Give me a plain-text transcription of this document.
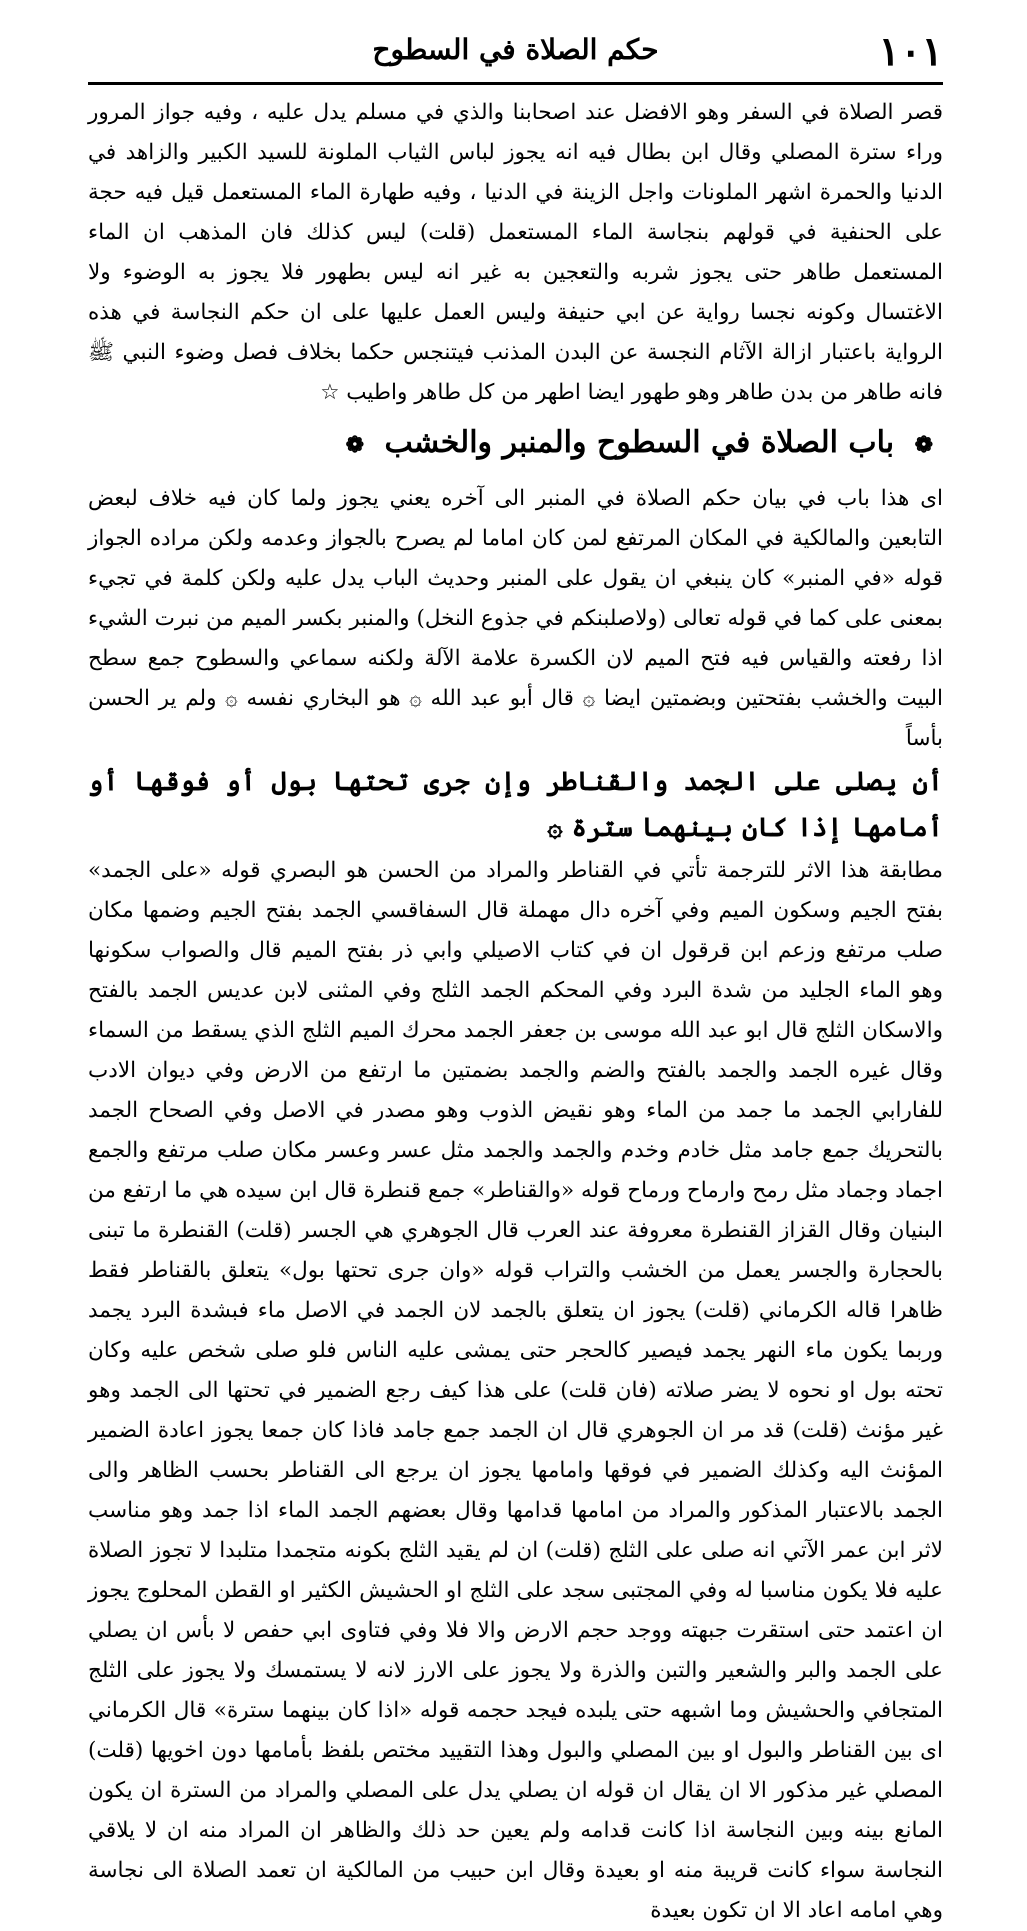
١٠١
حكم الصلاة في السطوح

قصر الصلاة في السفر وهو الافضل عند اصحابنا والذي في مسلم يدل عليه ، وفيه جواز المرور وراء سترة المصلي وقال ابن بطال فيه انه يجوز لباس الثياب الملونة للسيد الكبير والزاهد في الدنيا والحمرة اشهر الملونات واجل الزينة في الدنيا ، وفيه طهارة الماء المستعمل قيل فيه حجة على الحنفية في قولهم بنجاسة الماء المستعمل (قلت) ليس كذلك فان المذهب ان الماء المستعمل طاهر حتى يجوز شربه والتعجين به غير انه ليس بطهور فلا يجوز به الوضوء ولا الاغتسال وكونه نجسا رواية عن ابي حنيفة وليس العمل عليها على ان حكم النجاسة في هذه الرواية باعتبار ازالة الآثام النجسة عن البدن المذنب فيتنجس حكما بخلاف فصل وضوء النبي ﷺ فانه طاهر من بدن طاهر وهو طهور ايضا اطهر من كل طاهر واطيب ☆

❁ باب الصلاة في السطوح والمنبر والخشب ❁

اى هذا باب في بيان حكم الصلاة في المنبر الى آخره يعني يجوز ولما كان فيه خلاف لبعض التابعين والمالكية في المكان المرتفع لمن كان اماما لم يصرح بالجواز وعدمه ولكن مراده الجواز قوله «في المنبر» كان ينبغي ان يقول على المنبر وحديث الباب يدل عليه ولكن كلمة في تجيء بمعنى على كما في قوله تعالى (ولاصلبنكم في جذوع النخل) والمنبر بكسر الميم من نبرت الشيء اذا رفعته والقياس فيه فتح الميم لان الكسرة علامة الآلة ولكنه سماعي والسطوح جمع سطح البيت والخشب بفتحتين وبضمتين ايضا ۞ قال أبو عبد الله ۞ هو البخاري نفسه ۞ ولم ير الحسن بأساً

أن يصلى على الجمد والقناطر وإن جرى تحتها بول أو فوقها أو أمامها إذا كان بينهما سترة ۞

مطابقة هذا الاثر للترجمة تأتي في القناطر والمراد من الحسن هو البصري قوله «على الجمد» بفتح الجيم وسكون الميم وفي آخره دال مهملة قال السفاقسي الجمد بفتح الجيم وضمها مكان صلب مرتفع وزعم ابن قرقول ان في كتاب الاصيلي وابي ذر بفتح الميم قال والصواب سكونها وهو الماء الجليد من شدة البرد وفي المحكم الجمد الثلج وفي المثنى لابن عديس الجمد بالفتح والاسكان الثلج قال ابو عبد الله موسى بن جعفر الجمد محرك الميم الثلج الذي يسقط من السماء وقال غيره الجمد والجمد بالفتح والضم والجمد بضمتين ما ارتفع من الارض وفي ديوان الادب للفارابي الجمد ما جمد من الماء وهو نقيض الذوب وهو مصدر في الاصل وفي الصحاح الجمد بالتحريك جمع جامد مثل خادم وخدم والجمد والجمد مثل عسر وعسر مكان صلب مرتفع والجمع اجماد وجماد مثل رمح وارماح ورماح قوله «والقناطر» جمع قنطرة قال ابن سيده هي ما ارتفع من البنيان وقال القزاز القنطرة معروفة عند العرب قال الجوهري هي الجسر (قلت) القنطرة ما تبنى بالحجارة والجسر يعمل من الخشب والتراب قوله «وان جرى تحتها بول» يتعلق بالقناطر فقط ظاهرا قاله الكرماني (قلت) يجوز ان يتعلق بالجمد لان الجمد في الاصل ماء فبشدة البرد يجمد وربما يكون ماء النهر يجمد فيصير كالحجر حتى يمشى عليه الناس فلو صلى شخص عليه وكان تحته بول او نحوه لا يضر صلاته (فان قلت) على هذا كيف رجع الضمير في تحتها الى الجمد وهو غير مؤنث (قلت) قد مر ان الجوهري قال ان الجمد جمع جامد فاذا كان جمعا يجوز اعادة الضمير المؤنث اليه وكذلك الضمير في فوقها وامامها يجوز ان يرجع الى القناطر بحسب الظاهر والى الجمد بالاعتبار المذكور والمراد من امامها قدامها وقال بعضهم الجمد الماء اذا جمد وهو مناسب لاثر ابن عمر الآتي انه صلى على الثلج (قلت) ان لم يقيد الثلج بكونه متجمدا متلبدا لا تجوز الصلاة عليه فلا يكون مناسبا له وفي المجتبى سجد على الثلج او الحشيش الكثير او القطن المحلوج يجوز ان اعتمد حتى استقرت جبهته ووجد حجم الارض والا فلا وفي فتاوى ابي حفص لا بأس ان يصلي على الجمد والبر والشعير والتبن والذرة ولا يجوز على الارز لانه لا يستمسك ولا يجوز على الثلج المتجافي والحشيش وما اشبهه حتى يلبده فيجد حجمه قوله «اذا كان بينهما سترة» قال الكرماني اى بين القناطر والبول او بين المصلي والبول وهذا التقييد مختص بلفظ بأمامها دون اخويها (قلت) المصلي غير مذكور الا ان يقال ان قوله ان يصلي يدل على المصلي والمراد من السترة ان يكون المانع بينه وبين النجاسة اذا كانت قدامه ولم يعين حد ذلك والظاهر ان المراد منه ان لا يلاقي النجاسة سواء كانت قريبة منه او بعيدة وقال ابن حبيب من المالكية ان تعمد الصلاة الى نجاسة وهي امامه اعاد الا ان تكون بعيدة
